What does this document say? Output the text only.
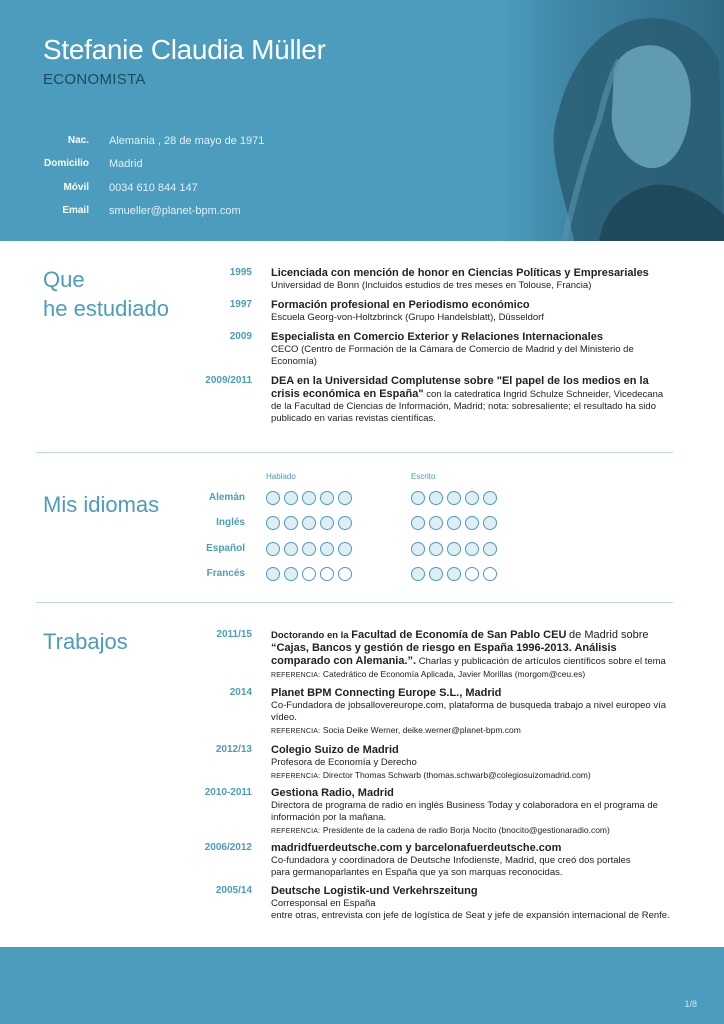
Stefanie Claudia Müller
ECONOMISTA
Nac. Alemania , 28 de mayo de 1971
Domicilio Madrid
Móvil 0034 610 844 147
Email smueller@planet-bpm.com
Que
he estudiado
1995 Licenciada con mención de honor en Ciencias Políticas y Empresariales
Universidad de Bonn (Incluidos estudios de tres meses en Tolouse, Francia)
1997 Formación profesional en Periodismo económico
Escuela Georg-von-Holtzbrinck (Grupo Handelsblatt), Düsseldorf
2009 Especialista en Comercio Exterior y Relaciones Internacionales
CECO (Centro de Formación de la Cámara de Comercio de Madrid y del Ministerio de Economía)
2009/2011 DEA en la Universidad Complutense sobre "El papel de los medios en la crisis económica en España" con la catedratica Ingrid Schulze Schneider, Vicedecana de la Facultad de Ciencias de Información, Madrid; nota: sobresaliente; el resultado ha sido publicado en varias revistas científicas.
Mis idiomas
Hablado	Escrito
Alemán
Inglés
Español
Francés
Trabajos	2011/15 Doctorando en la Facultad de Economía de San Pablo CEU de Madrid sobre “Cajas, Bancos y gestión de riesgo en España 1996-2013. Análisis comparado con Alemania.”. Charlas y publicación de artículos científicos sobre el tema
REFERENCIA: Catedrático de Economía Aplicada, Javier Morillas (morgom@ceu.es)
2014 Planet BPM Connecting Europe S.L., Madrid
Co-Fundadora de jobsallovereurope.com, plataforma de busqueda trabajo a nivel europeo vía vídeo.
REFERENCIA: Socia Deike Werner, deike.werner@planet-bpm.com
2012/13 Colegio Suizo de Madrid
Profesora de Economía y Derecho
REFERENCIA: Director Thomas Schwarb (thomas.schwarb@colegiosuizomadrid.com)
2010-2011 Gestiona Radio, Madrid
Directora de programa de radio en inglés Business Today y colaboradora en el programa de información por la mañana.
REFERENCIA: Presidente de la cadena de radio Borja Nocito (bnocito@gestionaradio.com)
2006/2012 madridfuerdeutsche.com y barcelonafuerdeutsche.com
Co-fundadora y coordinadora de Deutsche Infodienste, Madrid, que creó dos portales para germanoparlantes en España que ya son marquas reconocidas.
2005/14 Deutsche Logistik-und Verkehrszeitung
Corresponsal en España
entre otras, entrevista con jefe de logística de Seat y jefe de expansión internacional de Renfe.
1/8
